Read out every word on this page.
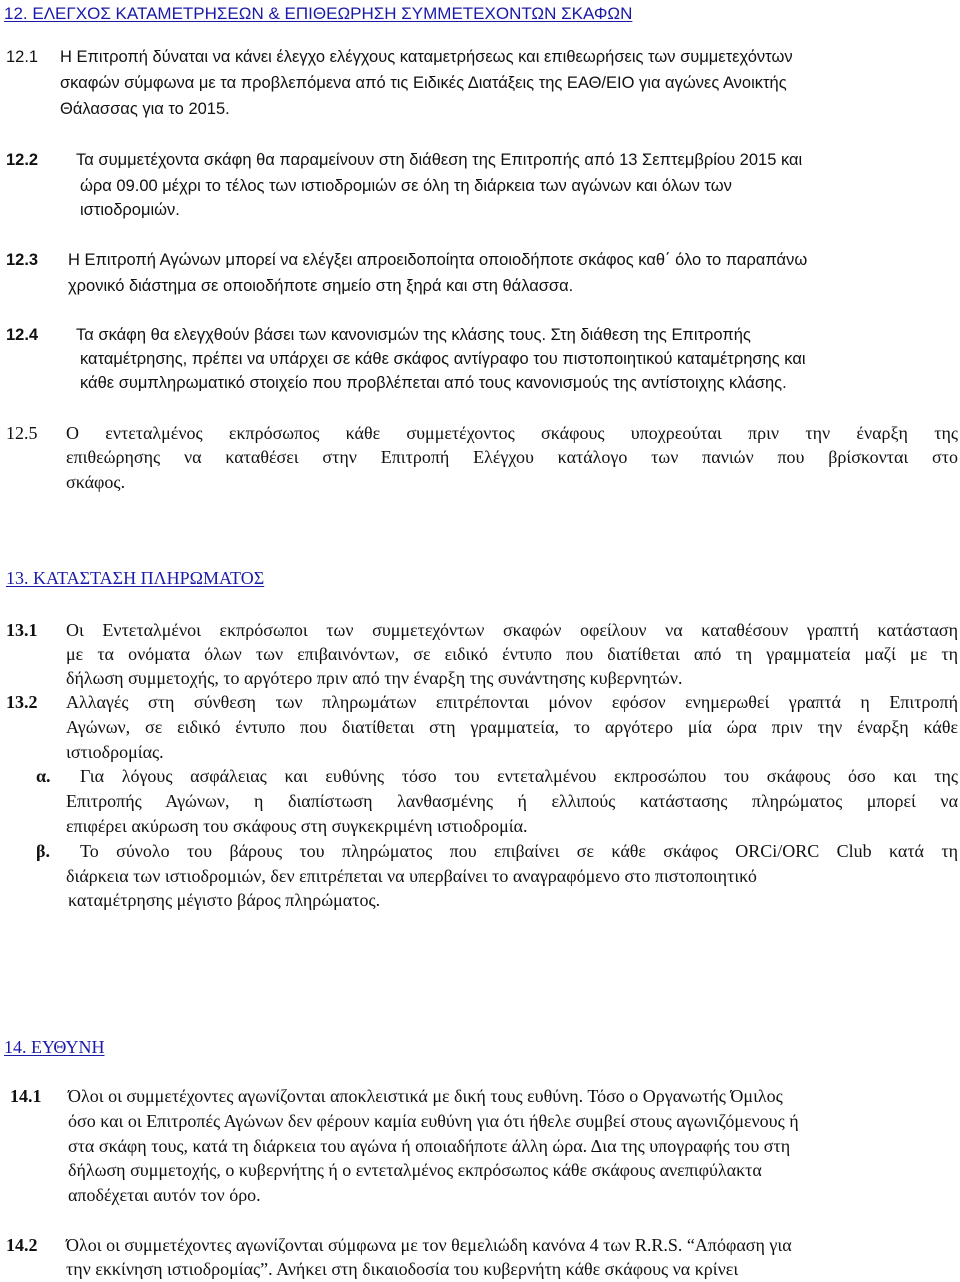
12. ΕΛΕΓΧΟΣ ΚΑΤΑΜΕΤΡΗΣΕΩΝ & ΕΠΙΘΕΩΡΗΣΗ ΣΥΜΜΕΤΕΧΟΝΤΩΝ ΣΚΑΦΩΝ
12.1 Η Επιτροπή δύναται να κάνει έλεγχο ελέγχους καταμετρήσεως και επιθεωρήσεις των συμμετεχόντων
σκαφών σύμφωνα με τα προβλεπόμενα από τις Ειδικές Διατάξεις της ΕΑΘ/ΕΙΟ για αγώνες Ανοικτής
Θάλασσας για το 2015.
12.2 Τα συμμετέχοντα σκάφη θα παραμείνουν στη διάθεση της Επιτροπής από 13 Σεπτεμβρίου 2015 και
ώρα 09.00 μέχρι το τέλος των ιστιοδρομιών σε όλη τη διάρκεια των αγώνων και όλων των
ιστιοδρομιών.
12.3 Η Επιτροπή Αγώνων μπορεί να ελέγξει απροειδοποίητα οποιοδήποτε σκάφος καθ΄ όλο το παραπάνω
χρονικό διάστημα σε οποιοδήποτε σημείο στη ξηρά και στη θάλασσα.
12.4 Τα σκάφη θα ελεγχθούν βάσει των κανονισμών της κλάσης τους. Στη διάθεση της Επιτροπής
καταμέτρησης, πρέπει να υπάρχει σε κάθε σκάφος αντίγραφο του πιστοποιητικού καταμέτρησης και
κάθε συμπληρωματικό στοιχείο που προβλέπεται από τους κανονισμούς της αντίστοιχης κλάσης.
12.5 Ο εντεταλμένος εκπρόσωπος κάθε συμμετέχοντος σκάφους υποχρεούται πριν την έναρξη της
επιθεώρησης να καταθέσει στην Επιτροπή Ελέγχου κατάλογο των πανιών που βρίσκονται στο
σκάφος.
13. ΚΑΤΑΣΤΑΣΗ ΠΛΗΡΩΜΑΤΟΣ
13.1 Οι Εντεταλμένοι εκπρόσωποι των συμμετεχόντων σκαφών οφείλουν να καταθέσουν γραπτή κατάσταση
με τα ονόματα όλων των επιβαινόντων, σε ειδικό έντυπο που διατίθεται από τη γραμματεία μαζί με τη
δήλωση συμμετοχής, το αργότερο πριν από την έναρξη της συνάντησης κυβερνητών.
13.2 Αλλαγές στη σύνθεση των πληρωμάτων επιτρέπονται μόνον εφόσον ενημερωθεί γραπτά η Επιτροπή
Αγώνων, σε ειδικό έντυπο που διατίθεται στη γραμματεία, το αργότερο μία ώρα πριν την έναρξη κάθε
ιστιοδρομίας.
α. Για λόγους ασφάλειας και ευθύνης τόσο του εντεταλμένου εκπροσώπου του σκάφους όσο και της
Επιτροπής Αγώνων, η διαπίστωση λανθασμένης ή ελλιπούς κατάστασης πληρώματος μπορεί να
επιφέρει ακύρωση του σκάφους στη συγκεκριμένη ιστιοδρομία.
β. Το σύνολο του βάρους του πληρώματος που επιβαίνει σε κάθε σκάφος ORCi/ORC Club κατά τη
διάρκεια των ιστιοδρομιών, δεν επιτρέπεται να υπερβαίνει το αναγραφόμενο στο πιστοποιητικό
καταμέτρησης μέγιστο βάρος πληρώματος.
14. ΕΥΘΥΝΗ
14.1 Όλοι οι συμμετέχοντες αγωνίζονται αποκλειστικά με δική τους ευθύνη. Τόσο ο Οργανωτής Όμιλος
όσο και οι Επιτροπές Αγώνων δεν φέρουν καμία ευθύνη για ότι ήθελε συμβεί στους αγωνιζόμενους ή
στα σκάφη τους, κατά τη διάρκεια του αγώνα ή οποιαδήποτε άλλη ώρα. Δια της υπογραφής του στη
δήλωση συμμετοχής, ο κυβερνήτης ή ο εντεταλμένος εκπρόσωπος κάθε σκάφους ανεπιφύλακτα
αποδέχεται αυτόν τον όρο.
14.2 Όλοι οι συμμετέχοντες αγωνίζονται σύμφωνα με τον θεμελιώδη κανόνα 4 των R.R.S. “Απόφαση για
την εκκίνηση ιστιοδρομίας”. Ανήκει στη δικαιοδοσία του κυβερνήτη κάθε σκάφους να κρίνει
